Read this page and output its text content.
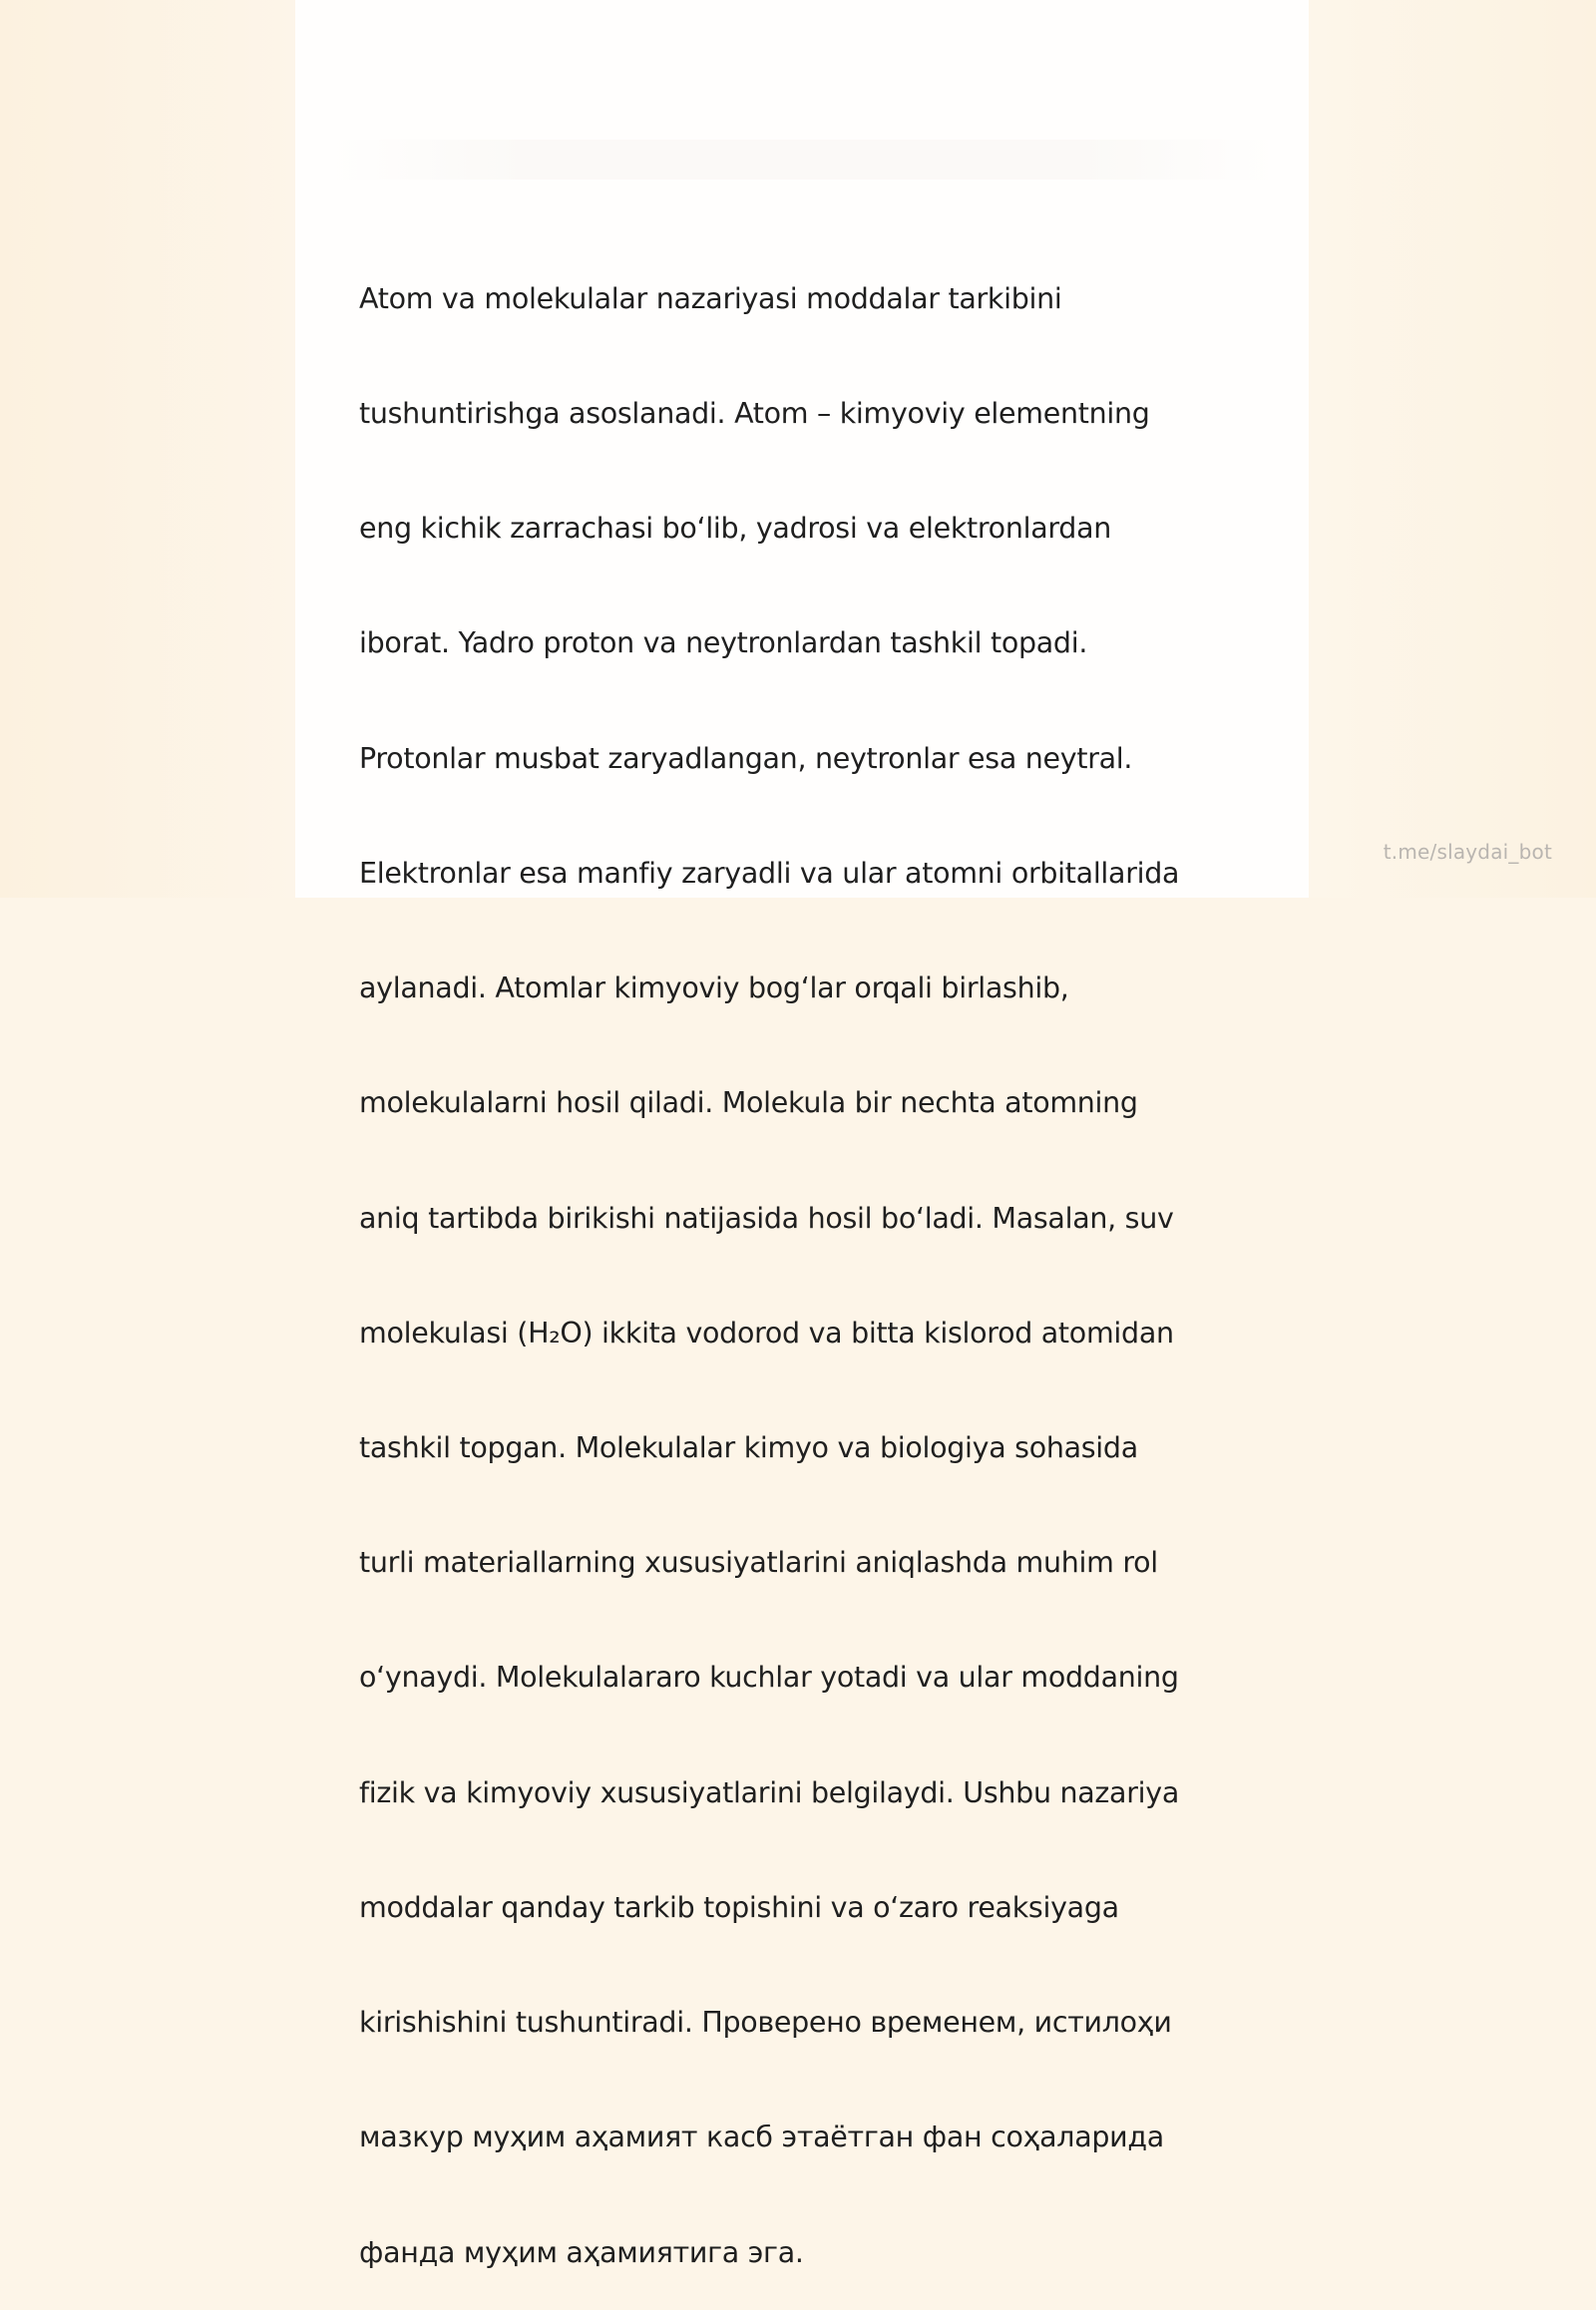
Atom va molekulalar nazariyasi moddalar tarkibini

tushuntirishga asoslanadi. Atom – kimyoviy elementning

eng kichik zarrachasi bo‘lib, yadrosi va elektronlardan

iborat. Yadro proton va neytronlardan tashkil topadi.

Protonlar musbat zaryadlangan, neytronlar esa neytral.

Elektronlar esa manfiy zaryadli va ular atomni orbitallarida

aylanadi. Atomlar kimyoviy bog‘lar orqali birlashib,

molekulalarni hosil qiladi. Molekula bir nechta atomning

aniq tartibda birikishi natijasida hosil bo‘ladi. Masalan, suv

molekulasi (H₂O) ikkita vodorod va bitta kislorod atomidan

tashkil topgan. Molekulalar kimyo va biologiya sohasida

turli materiallarning xususiyatlarini aniqlashda muhim rol

o‘ynaydi. Molekulalararo kuchlar yotadi va ular moddaning

fizik va kimyoviy xususiyatlarini belgilaydi. Ushbu nazariya

moddalar qanday tarkib topishini va o‘zaro reaksiyaga

kirishishini tushuntiradi. Проверено временем, истилоҳи

мазкур муҳим аҳамият касб этаётган фан соҳаларида

фанда муҳим аҳамиятига эга.

t.me/slaydai_bot
